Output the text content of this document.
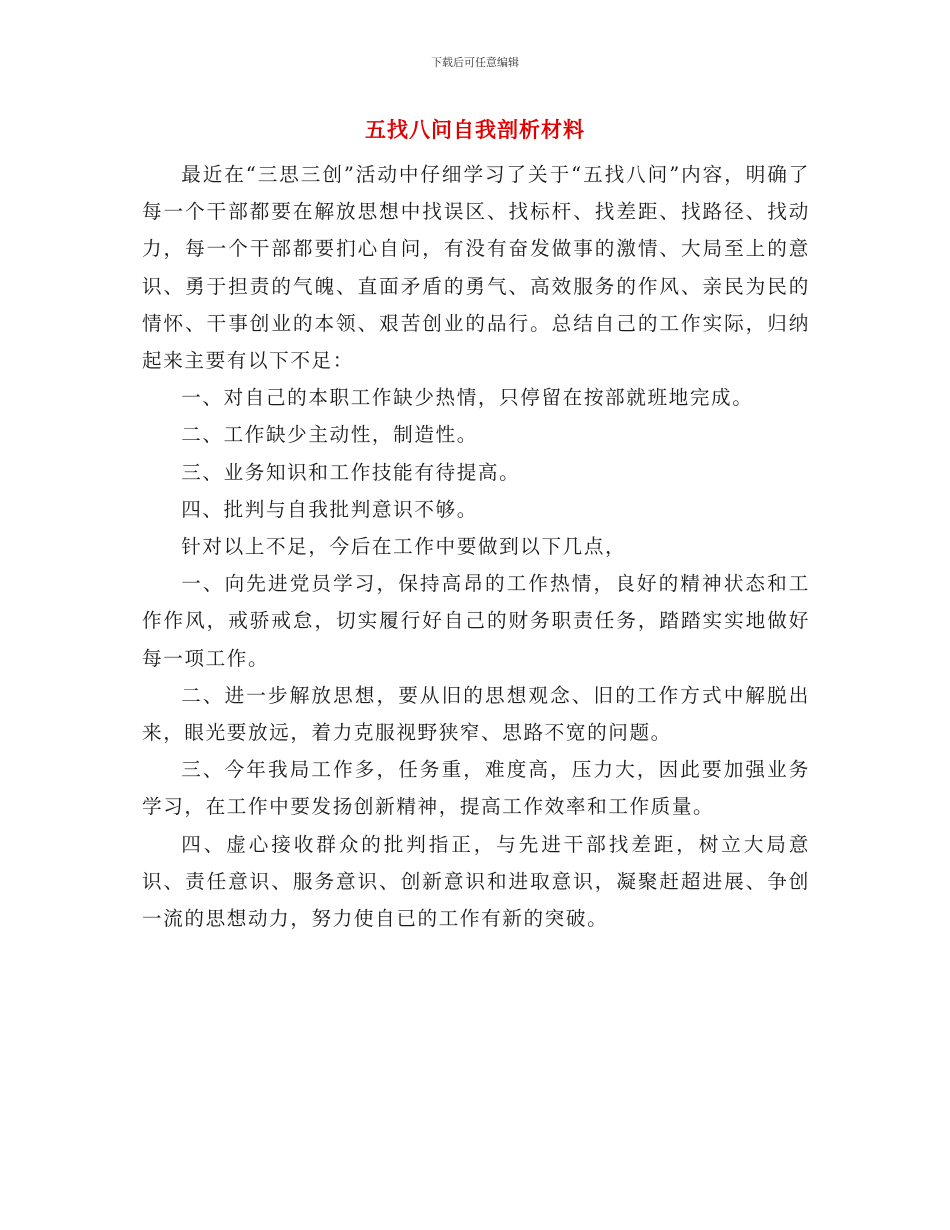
下载后可任意编辑
五找八问自我剖析材料

最近在“三思三创”活动中仔细学习了关于“五找八问”内容，明确了每一个干部都要在解放思想中找误区、找标杆、找差距、找路径、找动力，每一个干部都要扪心自问，有没有奋发做事的激情、大局至上的意识、勇于担责的气魄、直面矛盾的勇气、高效服务的作风、亲民为民的情怀、干事创业的本领、艰苦创业的品行。总结自己的工作实际，归纳起来主要有以下不足：

一、对自己的本职工作缺少热情，只停留在按部就班地完成。

二、工作缺少主动性，制造性。

三、业务知识和工作技能有待提高。

四、批判与自我批判意识不够。

针对以上不足，今后在工作中要做到以下几点，

一、向先进党员学习，保持高昂的工作热情，良好的精神状态和工作作风，戒骄戒怠，切实履行好自己的财务职责任务，踏踏实实地做好每一项工作。

二、进一步解放思想，要从旧的思想观念、旧的工作方式中解脱出来，眼光要放远，着力克服视野狭窄、思路不宽的问题。

三、今年我局工作多，任务重，难度高，压力大，因此要加强业务学习，在工作中要发扬创新精神，提高工作效率和工作质量。

四、虚心接收群众的批判指正，与先进干部找差距，树立大局意识、责任意识、服务意识、创新意识和进取意识，凝聚赶超进展、争创一流的思想动力，努力使自已的工作有新的突破。
